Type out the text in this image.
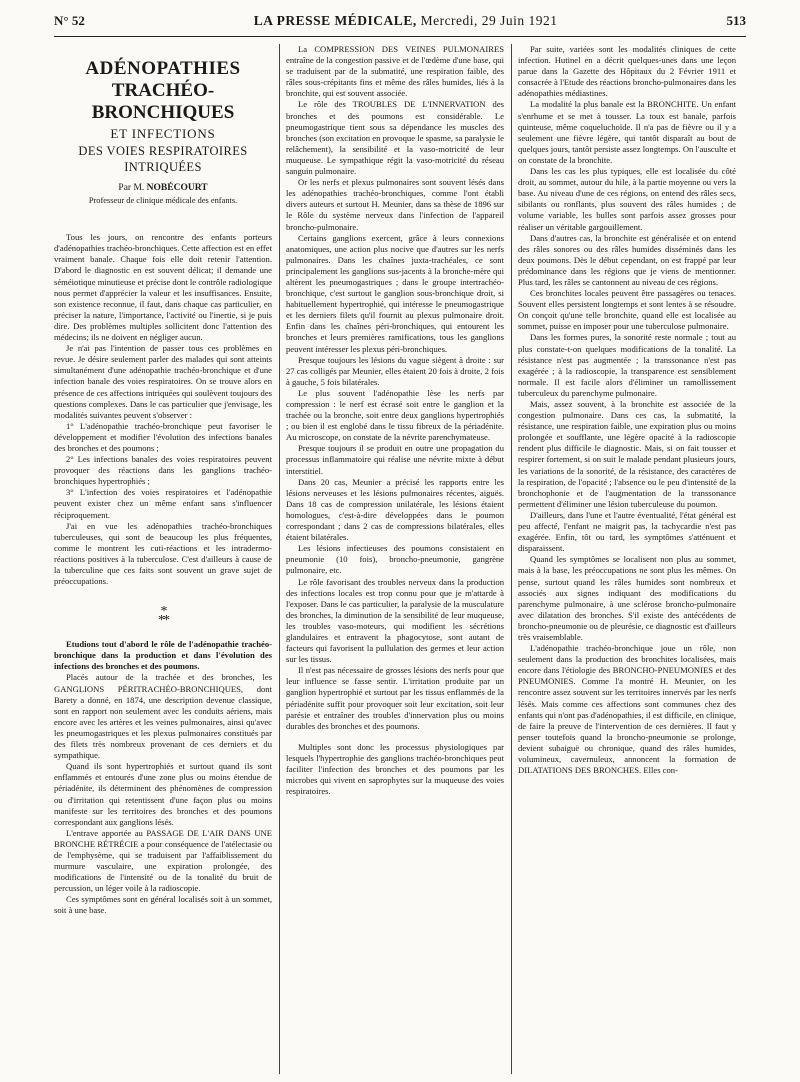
N° 52	LA PRESSE MÉDICALE, Mercredi, 29 Juin 1921	513
ADÉNOPATHIES
TRACHÉO-BRONCHIQUES
ET INFECTIONS
DES VOIES RESPIRATOIRES INTRIQUÉES
Par M. NOBÉCOURT
Professeur de clinique médicale des enfants.

Tous les jours, on rencontre des enfants porteurs d'adénopathies trachéo-bronchiques. Cette affection est en effet vraiment banale. Chaque fois elle doit retenir l'attention. D'abord le diagnostic en est souvent délicat; il demande une séméiotique minutieuse et précise dont le contrôle radiologique nous permet d'apprécier la valeur et les insuffisances. Ensuite, son existence reconnue, il faut, dans chaque cas particulier, en préciser la nature, l'importance, l'activité ou l'inertie, si je puis dire. Des problèmes multiples sollicitent donc l'attention des médecins; ils ne doivent en négliger aucun.

Je n'ai pas l'intention de passer tous ces problèmes en revue. Je désire seulement parler des malades qui sont atteints simultanément d'une adénopathie trachéo-bronchique et d'une infection banale des voies respiratoires. On se trouve alors en présence de ces affections intriquées qui soulèvent toujours des questions complexes. Dans le cas particulier que j'envisage, les modalités suivantes peuvent s'observer :

1° L'adénopathie trachéo-bronchique peut favoriser le développement et modifier l'évolution des infections banales des bronches et des poumons ;

2° Les infections banales des voies respiratoires peuvent provoquer des réactions dans les ganglions trachéo-bronchiques hypertrophiés ;

3° L'infection des voies respiratoires et l'adénopathie peuvent exister chez un même enfant sans s'influencer réciproquement.

J'ai en vue les adénopathies trachéo-bronchiques tuberculeuses, qui sont de beaucoup les plus fréquentes, comme le montrent les cuti-réactions et les intradermo-réactions positives à la tuberculose. C'est d'ailleurs à cause de la tuberculine que ces faits sont souvent un grave sujet de préoccupations.

*
**

Etudions tout d'abord le rôle de l'adénopathie trachéo-bronchique dans la production et dans l'évolution des infections des bronches et des poumons.

Placés autour de la trachée et des bronches, les GANGLIONS PÉRITRACHÉO-BRONCHIQUES, dont Barety a donné, en 1874, une description devenue classique, sont en rapport non seulement avec les conduits aériens, mais encore avec les artères et les veines pulmonaires, ainsi qu'avec les pneumogastriques et les plexus pulmonaires constitués par des filets très nombreux provenant de ces derniers et du sympathique.

Quand ils sont hypertrophiés et surtout quand ils sont enflammés et entourés d'une zone plus ou moins étendue de périadénite, ils déterminent des phénomènes de compression ou d'irritation qui retentissent d'une façon plus ou moins manifeste sur les territoires des bronches et des poumons correspondant aux ganglions lésés.

L'entrave apportée au PASSAGE DE L'AIR DANS UNE BRONCHE RÉTRÉCIE a pour conséquence de l'atélectasie ou de l'emphysème, qui se traduisent par l'affaiblissement du murmure vasculaire, une expiration prolongée, des modifications de l'intensité ou de la tonalité du bruit de percussion, un léger voile à la radioscopie.

Ces symptômes sont en général localisés soit à un sommet, soit à une base.

La COMPRESSION DES VEINES PULMONAIRES entraîne de la congestion passive et de l'œdème d'une base, qui se traduisent par de la submatité, une respiration faible, des râles sous-crépitants fins et même des râles humides, liés à la bronchite, qui est souvent associée.

Le rôle des TROUBLES DE L'INNERVATION des bronches et des poumons est considérable. Le pneumogastrique tient sous sa dépendance les muscles des bronches (son excitation en provoque le spasme, sa paralysie le relâchement), la sensibilité et la vaso-motricité de leur muqueuse. Le sympathique régit la vaso-motricité du réseau sanguin pulmonaire.

Or les nerfs et plexus pulmonaires sont souvent lésés dans les adénopathies trachéo-bronchiques, comme l'ont établi divers auteurs et surtout H. Meunier, dans sa thèse de 1896 sur le Rôle du système nerveux dans l'infection de l'appareil broncho-pulmonaire.

Certains ganglions exercent, grâce à leurs connexions anatomiques, une action plus nocive que d'autres sur les nerfs pulmonaires. Dans les chaînes juxta-trachéales, ce sont principalement les ganglions sus-jacents à la bronche-mère qui altèrent les pneumogastriques ; dans le groupe intertrachéo-bronchique, c'est surtout le ganglion sous-bronchique droit, si habituellement hypertrophié, qui intéresse le pneumogastrique et les derniers filets qu'il fournit au plexus pulmonaire droit. Enfin dans les chaînes péri-bronchiques, qui entourent les bronches et leurs premières ramifications, tous les ganglions peuvent intéresser les plexus péri-bronchiques.

Presque toujours les lésions du vague siègent à droite : sur 27 cas colligés par Meunier, elles étaient 20 fois à droite, 2 fois à gauche, 5 fois bilatérales.

Le plus souvent l'adénopathie lèse les nerfs par compression : le nerf est écrasé soit entre le ganglion et la trachée ou la bronche, soit entre deux ganglions hypertrophiés ; ou bien il est englobé dans le tissu fibreux de la périadénite. Au microscope, on constate de la névrite parenchymateuse.

Presque toujours il se produit en outre une propagation du processus inflammatoire qui réalise une névrite mixte à début interstitiel.

Dans 20 cas, Meunier a précisé les rapports entre les lésions nerveuses et les lésions pulmonaires récentes, aiguës. Dans 18 cas de compression unilatérale, les lésions étaient homologues, c'est-à-dire développées dans le poumon correspondant ; dans 2 cas de compressions bilatérales, elles étaient bilatérales.

Les lésions infectieuses des poumons consistaient en pneumonie (10 fois), broncho-pneumonie, gangrène pulmonaire, etc.

Le rôle favorisant des troubles nerveux dans la production des infections locales est trop connu pour que je m'attarde à l'exposer. Dans le cas particulier, la paralysie de la musculature des bronches, la diminution de la sensibilité de leur muqueuse, les troubles vaso-moteurs, qui modifient les sécrétions glandulaires et entravent la phagocytose, sont autant de facteurs qui favorisent la pullulation des germes et leur action sur les tissus.

Il n'est pas nécessaire de grosses lésions des nerfs pour que leur influence se fasse sentir. L'irritation produite par un ganglion hypertrophié et surtout par les tissus enflammés de la périadénite suffit pour provoquer soit leur excitation, soit leur parésie et entraîner des troubles d'innervation plus ou moins durables des bronches et des poumons.

Multiples sont donc les processus physiologiques par lesquels l'hypertrophie des ganglions trachéo-bronchiques peut faciliter l'infection des bronches et des poumons par les microbes qui vivent en saprophytes sur la muqueuse des voies respiratoires.

Par suite, variées sont les modalités cliniques de cette infection. Hutinel en a décrit quelques-unes dans une leçon parue dans la Gazette des Hôpitaux du 2 Février 1911 et consacrée à l'Etude des réactions broncho-pulmonaires dans les adénopathies médiastines.

La modalité la plus banale est la BRONCHITE. Un enfant s'enrhume et se met à tousser. La toux est banale, parfois quinteuse, même coqueluchoïde. Il n'a pas de fièvre ou il y a seulement une fièvre légère, qui tantôt disparaît au bout de quelques jours, tantôt persiste assez longtemps. On l'ausculte et on constate de la bronchite.

Dans les cas les plus typiques, elle est localisée du côté droit, au sommet, autour du hile, à la partie moyenne ou vers la base. Au niveau d'une de ces régions, on entend des râles secs, sibilants ou ronflants, plus souvent des râles humides ; de volume variable, les bulles sont parfois assez grosses pour réaliser un véritable gargouillement.

Dans d'autres cas, la bronchite est généralisée et on entend des râles sonores ou des râles humides disséminés dans les deux poumons. Dès le début cependant, on est frappé par leur prédominance dans les régions que je viens de mentionner. Plus tard, les râles se cantonnent au niveau de ces régions.

Ces bronchites locales peuvent être passagères ou tenaces. Souvent elles persistent longtemps et sont lentes à se résoudre. On conçoit qu'une telle bronchite, quand elle est localisée au sommet, puisse en imposer pour une tuberculose pulmonaire.

Dans les formes pures, la sonorité reste normale ; tout au plus constate-t-on quelques modifications de la tonalité. La résistance n'est pas augmentée ; la transsonance n'est pas exagérée ; à la radioscopie, la transparence est sensiblement normale. Il est facile alors d'éliminer un ramollissement tuberculeux du parenchyme pulmonaire.

Mais, assez souvent, à la bronchite est associée de la congestion pulmonaire. Dans ces cas, la submatité, la résistance, une respiration faible, une expiration plus ou moins prolongée et soufflante, une légère opacité à la radioscopie rendent plus difficile le diagnostic. Mais, si on fait tousser et respirer fortement, si on suit le malade pendant plusieurs jours, les variations de la sonorité, de la résistance, des caractères de la respiration, de l'opacité ; l'absence ou le peu d'intensité de la bronchophonie et de l'augmentation de la transsonance permettent d'éliminer une lésion tuberculeuse du poumon.

D'ailleurs, dans l'une et l'autre éventualité, l'état général est peu affecté, l'enfant ne maigrit pas, la tachycardie n'est pas exagérée. Enfin, tôt ou tard, les symptômes s'atténuent et disparaissent.

Quand les symptômes se localisent non plus au sommet, mais à la base, les préoccupations ne sont plus les mêmes. On pense, surtout quand les râles humides sont nombreux et associés aux signes indiquant des modifications du parenchyme pulmonaire, à une sclérose broncho-pulmonaire avec dilatation des bronches. S'il existe des antécédents de broncho-pneumonie ou de pleurésie, ce diagnostic est d'ailleurs très vraisemblable.

L'adénopathie trachéo-bronchique joue un rôle, non seulement dans la production des bronchites localisées, mais encore dans l'étiologie des BRONCHO-PNEUMONIES et des PNEUMONIES. Comme l'a montré H. Meunier, on les rencontre assez souvent sur les territoires innervés par les nerfs lésés. Mais comme ces affections sont communes chez des enfants qui n'ont pas d'adénopathies, il est difficile, en clinique, de faire la preuve de l'intervention de ces dernières. Il faut y penser toutefois quand la broncho-pneumonie se prolonge, devient subaiguë ou chronique, quand des râles humides, volumineux, cavernuleux, annoncent la formation de DILATATIONS DES BRONCHES. Elles con-
